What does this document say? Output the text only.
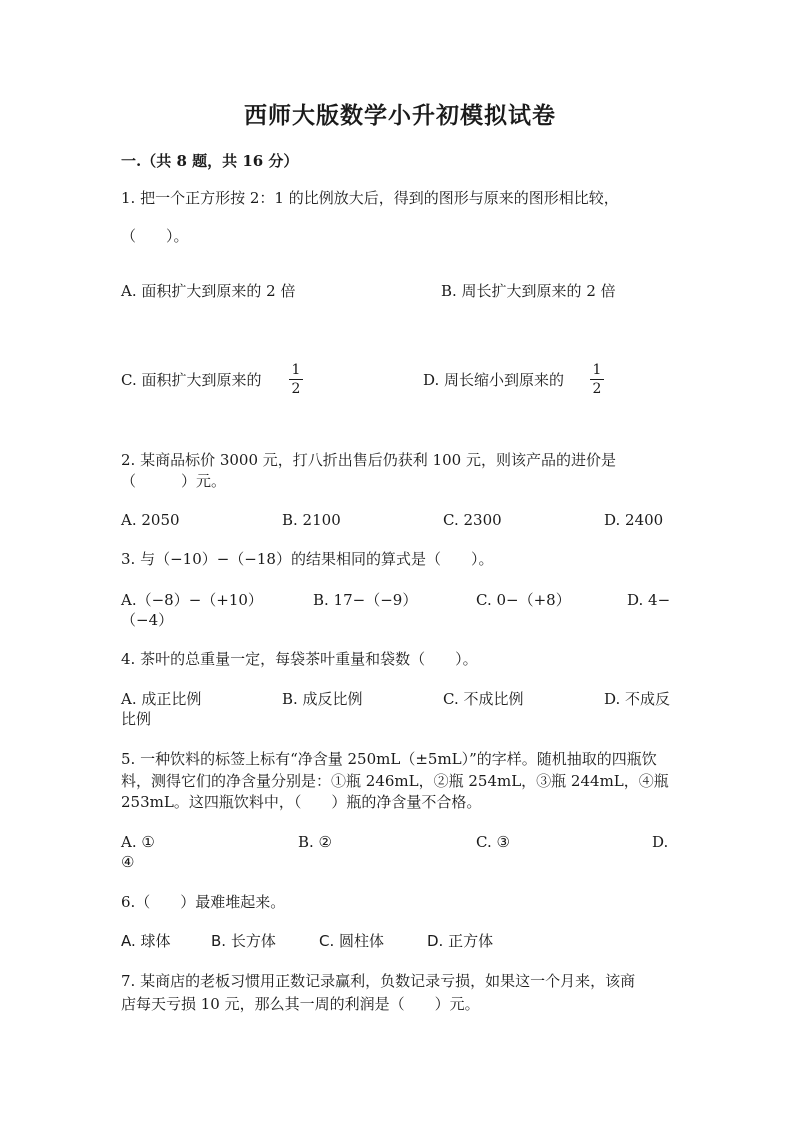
西师大版数学小升初模拟试卷
一.（共 8 题，共 16 分）
1. 把一个正方形按 2：1 的比例放大后，得到的图形与原来的图形相比较，
（　　）。
A. 面积扩大到原来的 2 倍	B. 周长扩大到原来的 2 倍
C. 面积扩大到原来的
1
2	D. 周长缩小到原来的
1
2
2. 某商品标价 3000 元，打八折出售后仍获利 100 元，则该产品的进价是
（　　　）元。
A. 2050	B. 2100	C. 2300	D. 2400
3. 与（−10）−（−18）的结果相同的算式是（　　）。
A.（−8）−（+10）	B. 17−（−9）	C. 0−（+8）	D. 4−
（−4）
4. 茶叶的总重量一定，每袋茶叶重量和袋数（　　）。
A. 成正比例	B. 成反比例	C. 不成比例	D. 不成反
比例
5. 一种饮料的标签上标有“净含量 250mL（±5mL）”的字样。随机抽取的四瓶饮
料，测得它们的净含量分别是：①瓶 246mL，②瓶 254mL，③瓶 244mL，④瓶
253mL。这四瓶饮料中，（　　）瓶的净含量不合格。
A. ①	B. ②	C. ③	D.
④
6.（　　）最难堆起来。
A. 球体	B. 长方体	C. 圆柱体	D. 正方体
7. 某商店的老板习惯用正数记录赢利，负数记录亏损，如果这一个月来，该商
店每天亏损 10 元，那么其一周的利润是（　　）元。
